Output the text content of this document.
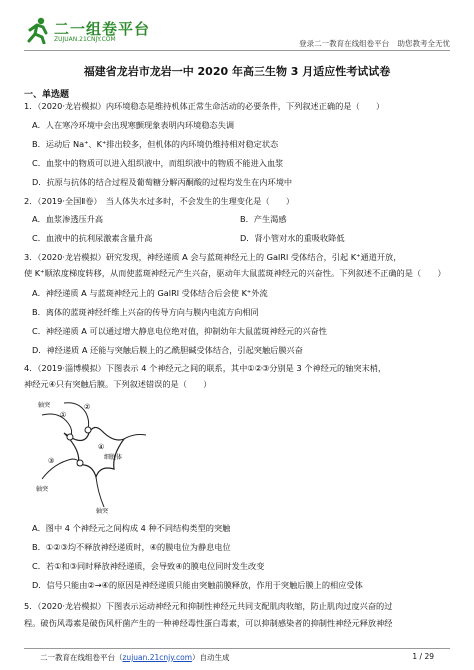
二一组卷平台
ZUJUAN.21CNJY.COM	登录二一教育在线组卷平台 助您教考全无忧
福建省龙岩市龙岩一中 2020 年高三生物 3 月适应性考试试卷
一、单选题
1．（2020·龙岩模拟）内环境稳态是维持机体正常生命活动的必要条件，下列叙述正确的是（　　）
A．人在寒冷环境中会出现寒颤现象表明内环境稳态失调
B．运动后 Na⁺、K⁺排出较多，但机体的内环境仍维持相对稳定状态
C．血浆中的物质可以进入组织液中，而组织液中的物质不能进入血浆
D．抗原与抗体的结合过程及葡萄糖分解丙酮酸的过程均发生在内环境中
2．（2019·全国Ⅱ卷）　当人体失水过多时，不会发生的生理变化是（　　）
A．血浆渗透压升高	B．产生渴感
C．血液中的抗利尿激素含量升高	D．肾小管对水的重吸收降低
3．（2020·龙岩模拟）研究发现，神经递质 A 会与蓝斑神经元上的 GalRl 受体结合，引起 K⁺通道开放，
使 K⁺顺浓度梯度转移，从而使蓝斑神经元产生兴奋，驱动年大鼠蓝斑神经元的兴奋性。下列叙述不正确的是（　　）
A．神经递质 A 与蓝斑神经元上的 GalRl 受体结合后会使 K⁺外流
B．离体的蓝斑神经纤维上兴奋的传导方向与膜内电流方向相同
C．神经递质 A 可以通过增大静息电位绝对值，抑制幼年大鼠蓝斑神经元的兴奋性
D．神经递质 A 还能与突触后膜上的乙酰胆碱受体结合，引起突触后膜兴奋
4．（2019·淄博模拟）下图表示 4 个神经元之间的联系，其中①②③分别是 3 个神经元的轴突末梢，
神经元④只有突触后膜。下列叙述错误的是（　　）
①
②
③
④
轴突
轴突
轴突
细胞体
A．图中 4 个神经元之间构成 4 种不同结构类型的突触
B．①②③均不释放神经递质时，④的膜电位为静息电位
C．若①和③同时释放神经递质，会导致④的膜电位同时发生改变
D．信号只能由②→④的原因是神经递质只能由突触前膜释放，作用于突触后膜上的相应受体
5．（2020·龙岩模拟）下图表示运动神经元和抑制性神经元共同支配肌肉收缩，防止肌肉过度兴奋的过
程。破伤风毒素是破伤风杆菌产生的一种神经毒性蛋白毒素，可以抑制感染者的抑制性神经元释放神经
二一教育在线组卷平台（zujuan.21cnjy.com）自动生成	1 / 29
